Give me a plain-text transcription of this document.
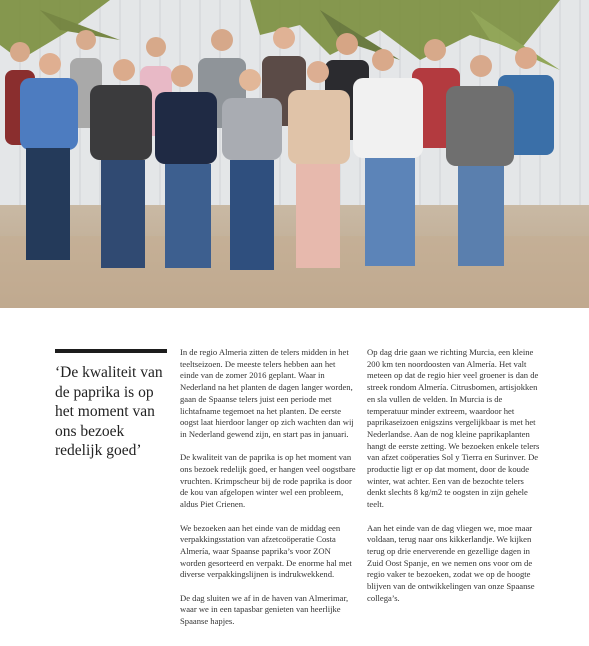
‘De kwaliteit van de paprika is op het moment van ons bezoek redelijk goed’

In de regio Almeria zitten de telers midden in het teeltseizoen. De meeste telers hebben aan het einde van de zomer 2016 geplant. Waar in Nederland na het planten de dagen langer worden, gaan de Spaanse telers juist een periode met lichtafname tegemoet na het planten. De eerste oogst laat hierdoor langer op zich wachten dan wij in Nederland gewend zijn, en start pas in januari.

De kwaliteit van de paprika is op het moment van ons bezoek redelijk goed, er hangen veel oogstbare vruchten. Krimpscheur bij de rode paprika is door de kou van afgelopen winter wel een probleem, aldus Piet Crienen.

We bezoeken aan het einde van de middag een verpakkingsstation van afzetcoöperatie Costa Almería, waar Spaanse paprika’s voor ZON worden gesorteerd en verpakt. De enorme hal met diverse verpakkingslijnen is indrukwekkend.

De dag sluiten we af in de haven van Almerimar, waar we in een tapasbar genieten van heerlijke Spaanse hapjes.

Op dag drie gaan we richting Murcia, een kleine 200 km ten noordoosten van Almería. Het valt meteen op dat de regio hier veel groener is dan de streek rondom Almería. Citrusbomen, artisjokken en sla vullen de velden. In Murcia is de temperatuur minder extreem, waardoor het paprikaseizoen enigszins vergelijkbaar is met het Nederlandse. Aan de nog kleine paprikaplanten hangt de eerste zetting. We bezoeken enkele telers van afzet coöperaties Sol y Tierra en Surinver. De productie ligt er op dat moment, door de koude winter, wat achter. Een van de bezochte telers denkt slechts 8 kg/m2 te oogsten in zijn gehele teelt.

Aan het einde van de dag vliegen we, moe maar voldaan, terug naar ons kikkerlandje. We kijken terug op drie enerverende en gezellige dagen in Zuid Oost Spanje, en we nemen ons voor om de regio vaker te bezoeken, zodat we op de hoogte blijven van de ontwikkelingen van onze Spaanse collega’s.
